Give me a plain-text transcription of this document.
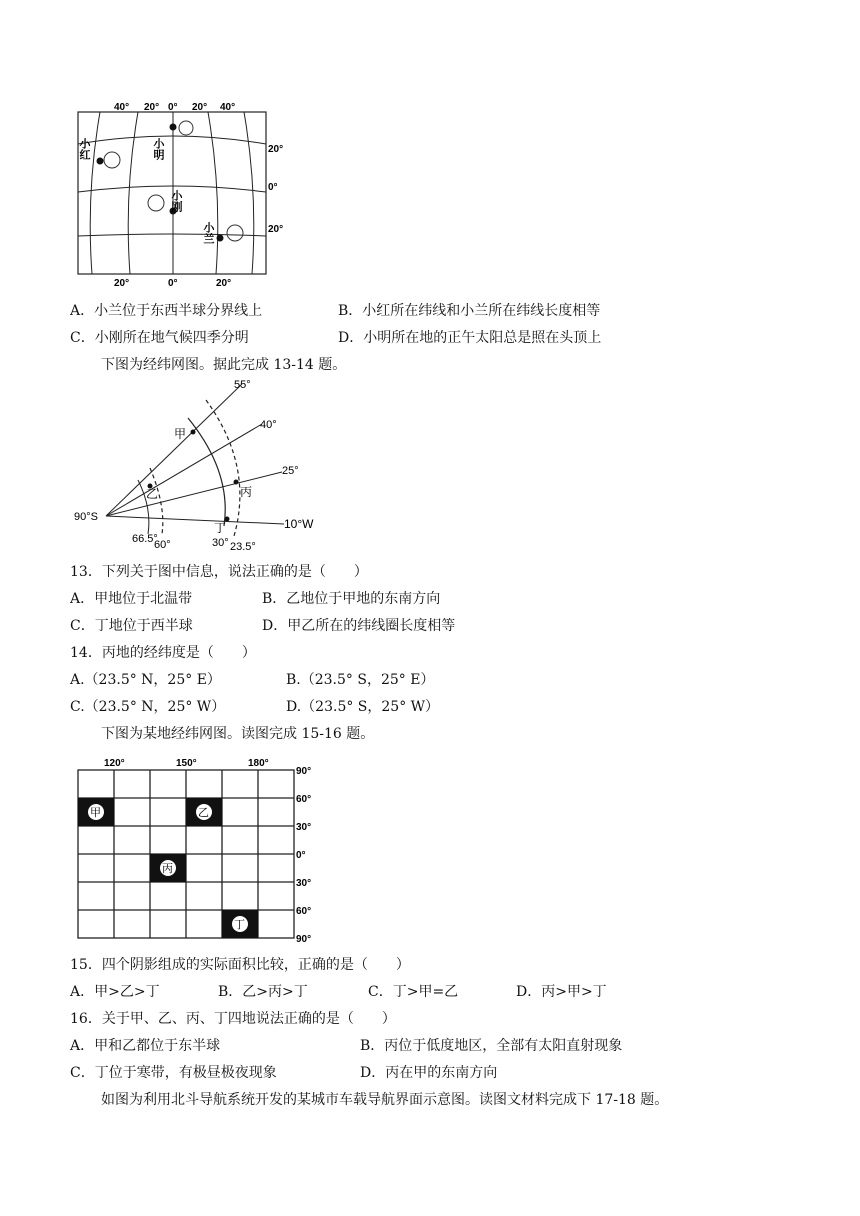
40° 20° 0° 20° 40°
20°	0°	20°
20°
0°
20°
小红	小明
小刚
小兰
A．小兰位于东西半球分界线上	B．小红所在纬线和小兰所在纬线长度相等
C．小刚所在地气候四季分明	D．小明所在地的正午太阳总是照在头顶上
下图为经纬网图。据此完成 13-14 题。
55°
40°
25°
10°W
90°S
66.5°
60°	30° 23.5°
甲
乙	丙
丁
13．下列关于图中信息，说法正确的是（　　）
A．甲地位于北温带	B．乙地位于甲地的东南方向
C．丁地位于西半球	D．甲乙所在的纬线圈长度相等
14．丙地的经纬度是（　　）
A.（23.5° N，25° E）	B.（23.5° S，25° E）
C.（23.5° N，25° W）	D.（23.5° S，25° W）
下图为某地经纬网图。读图完成 15-16 题。
甲	乙
丙
丁
120°	150°	180°
90°
60°
30°
0°
30°
60°
90°
15．四个阴影组成的实际面积比较，正确的是（　　）
A．甲>乙>丁	B．乙>丙>丁	C．丁>甲=乙	D．丙>甲>丁
16．关于甲、乙、丙、丁四地说法正确的是（　　）
A．甲和乙都位于东半球	B．丙位于低度地区，全部有太阳直射现象
C．丁位于寒带，有极昼极夜现象	D．丙在甲的东南方向
如图为利用北斗导航系统开发的某城市车载导航界面示意图。读图文材料完成下 17-18 题。
